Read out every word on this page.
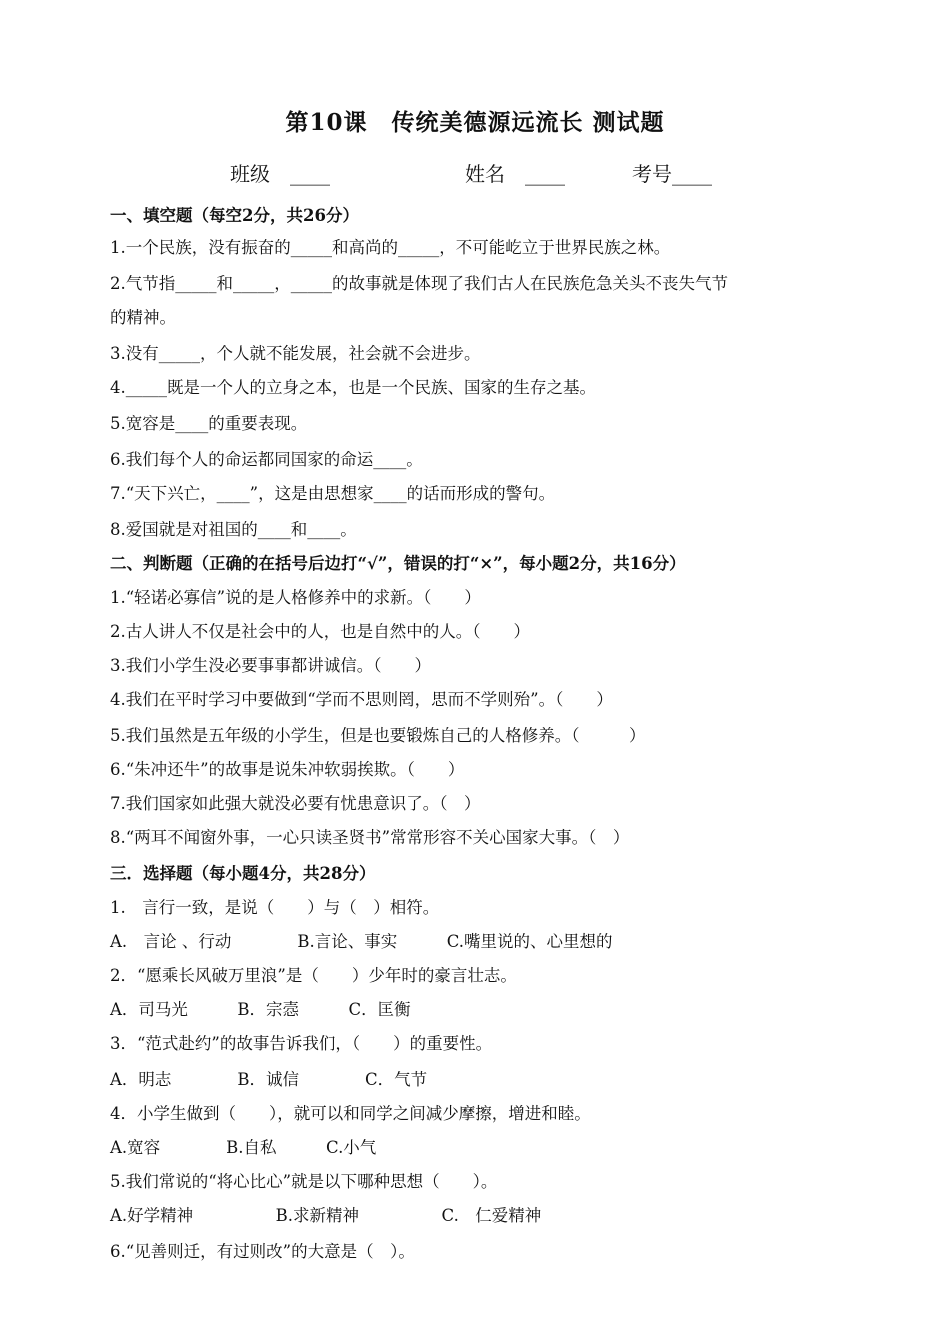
第10课　传统美德源远流长 测试题
班级　____	姓名　____	考号____
一、填空题（每空2分，共26分）
1.一个民族，没有振奋的_____和高尚的_____，不可能屹立于世界民族之林。
2.气节指_____和_____，_____的故事就是体现了我们古人在民族危急关头不丧失气节
的精神。
3.没有_____，个人就不能发展，社会就不会进步。
4._____既是一个人的立身之本，也是一个民族、国家的生存之基。
5.宽容是____的重要表现。
6.我们每个人的命运都同国家的命运____。
7.“天下兴亡，____”，这是由思想家____的话而形成的警句。
8.爱国就是对祖国的____和____。
二、判断题（正确的在括号后边打“√”，错误的打“×”，每小题2分，共16分）
1.“轻诺必寡信”说的是人格修养中的求新。（　　）
2.古人讲人不仅是社会中的人，也是自然中的人。（　　）
3.我们小学生没必要事事都讲诚信。（　　）
4.我们在平时学习中要做到“学而不思则罔，思而不学则殆”。（　　）
5.我们虽然是五年级的小学生，但是也要锻炼自己的人格修养。（　　　）
6.“朱冲还牛”的故事是说朱冲软弱挨欺。（　　）
7.我们国家如此强大就没必要有忧患意识了。（　）
8.“两耳不闻窗外事，一心只读圣贤书”常常形容不关心国家大事。（　）
三．选择题（每小题4分，共28分）
1.　言行一致，是说（　　）与（　）相符。
A.　言论 、行动　　　　B.言论、事实　　　C.嘴里说的、心里想的
2．“愿乘长风破万里浪”是（　　）少年时的豪言壮志。
A．司马光　　　B．宗悫　　　C．匡衡
3．“范式赴约”的故事告诉我们，（　　）的重要性。
A．明志　　　　B．诚信　　　　C．气节
4．小学生做到（　　），就可以和同学之间减少摩擦，增进和睦。
A.宽容　　　　B.自私　　　C.小气
5.我们常说的“将心比心”就是以下哪种思想（　　）。
A.好学精神　　　　　B.求新精神　　　　　C.　仁爱精神
6.“见善则迁，有过则改”的大意是（　）。
